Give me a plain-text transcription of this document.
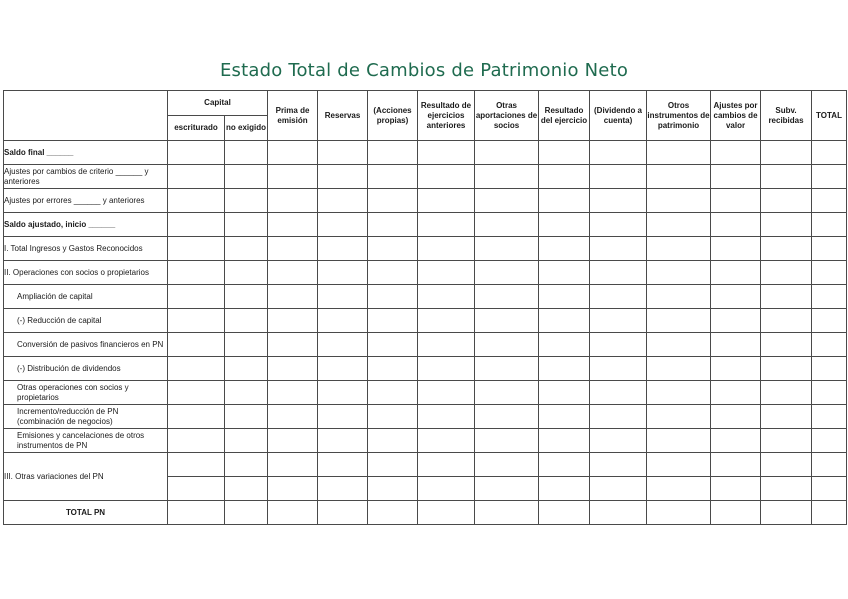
Estado Total de Cambios de Patrimonio Neto
	Capital		Prima de emisión	Reservas	(Acciones propias)	Resultado de ejercicios anteriores	Otras aportaciones de socios	Resultado del ejercicio	(Dividendo a cuenta)	Otros instrumentos de patrimonio	Ajustes por cambios de valor	Subv. recibidas	TOTAL
	escriturado	no exigido											
Saldo final ______													
Ajustes por cambios de criterio ______ y anteriores													
Ajustes por errores ______ y anteriores													
Saldo ajustado, inicio ______													
I. Total Ingresos y Gastos Reconocidos													
II. Operaciones con socios o propietarios													
Ampliación de capital													
(-) Reducción de capital													
Conversión de pasivos financieros en PN													
(-) Distribución de dividendos													
Otras operaciones con socios y propietarios													
Incremento/reducción de PN (combinación de negocios)													
Emisiones y cancelaciones de otros instrumentos de PN													
III. Otras variaciones del PN													

TOTAL PN													
